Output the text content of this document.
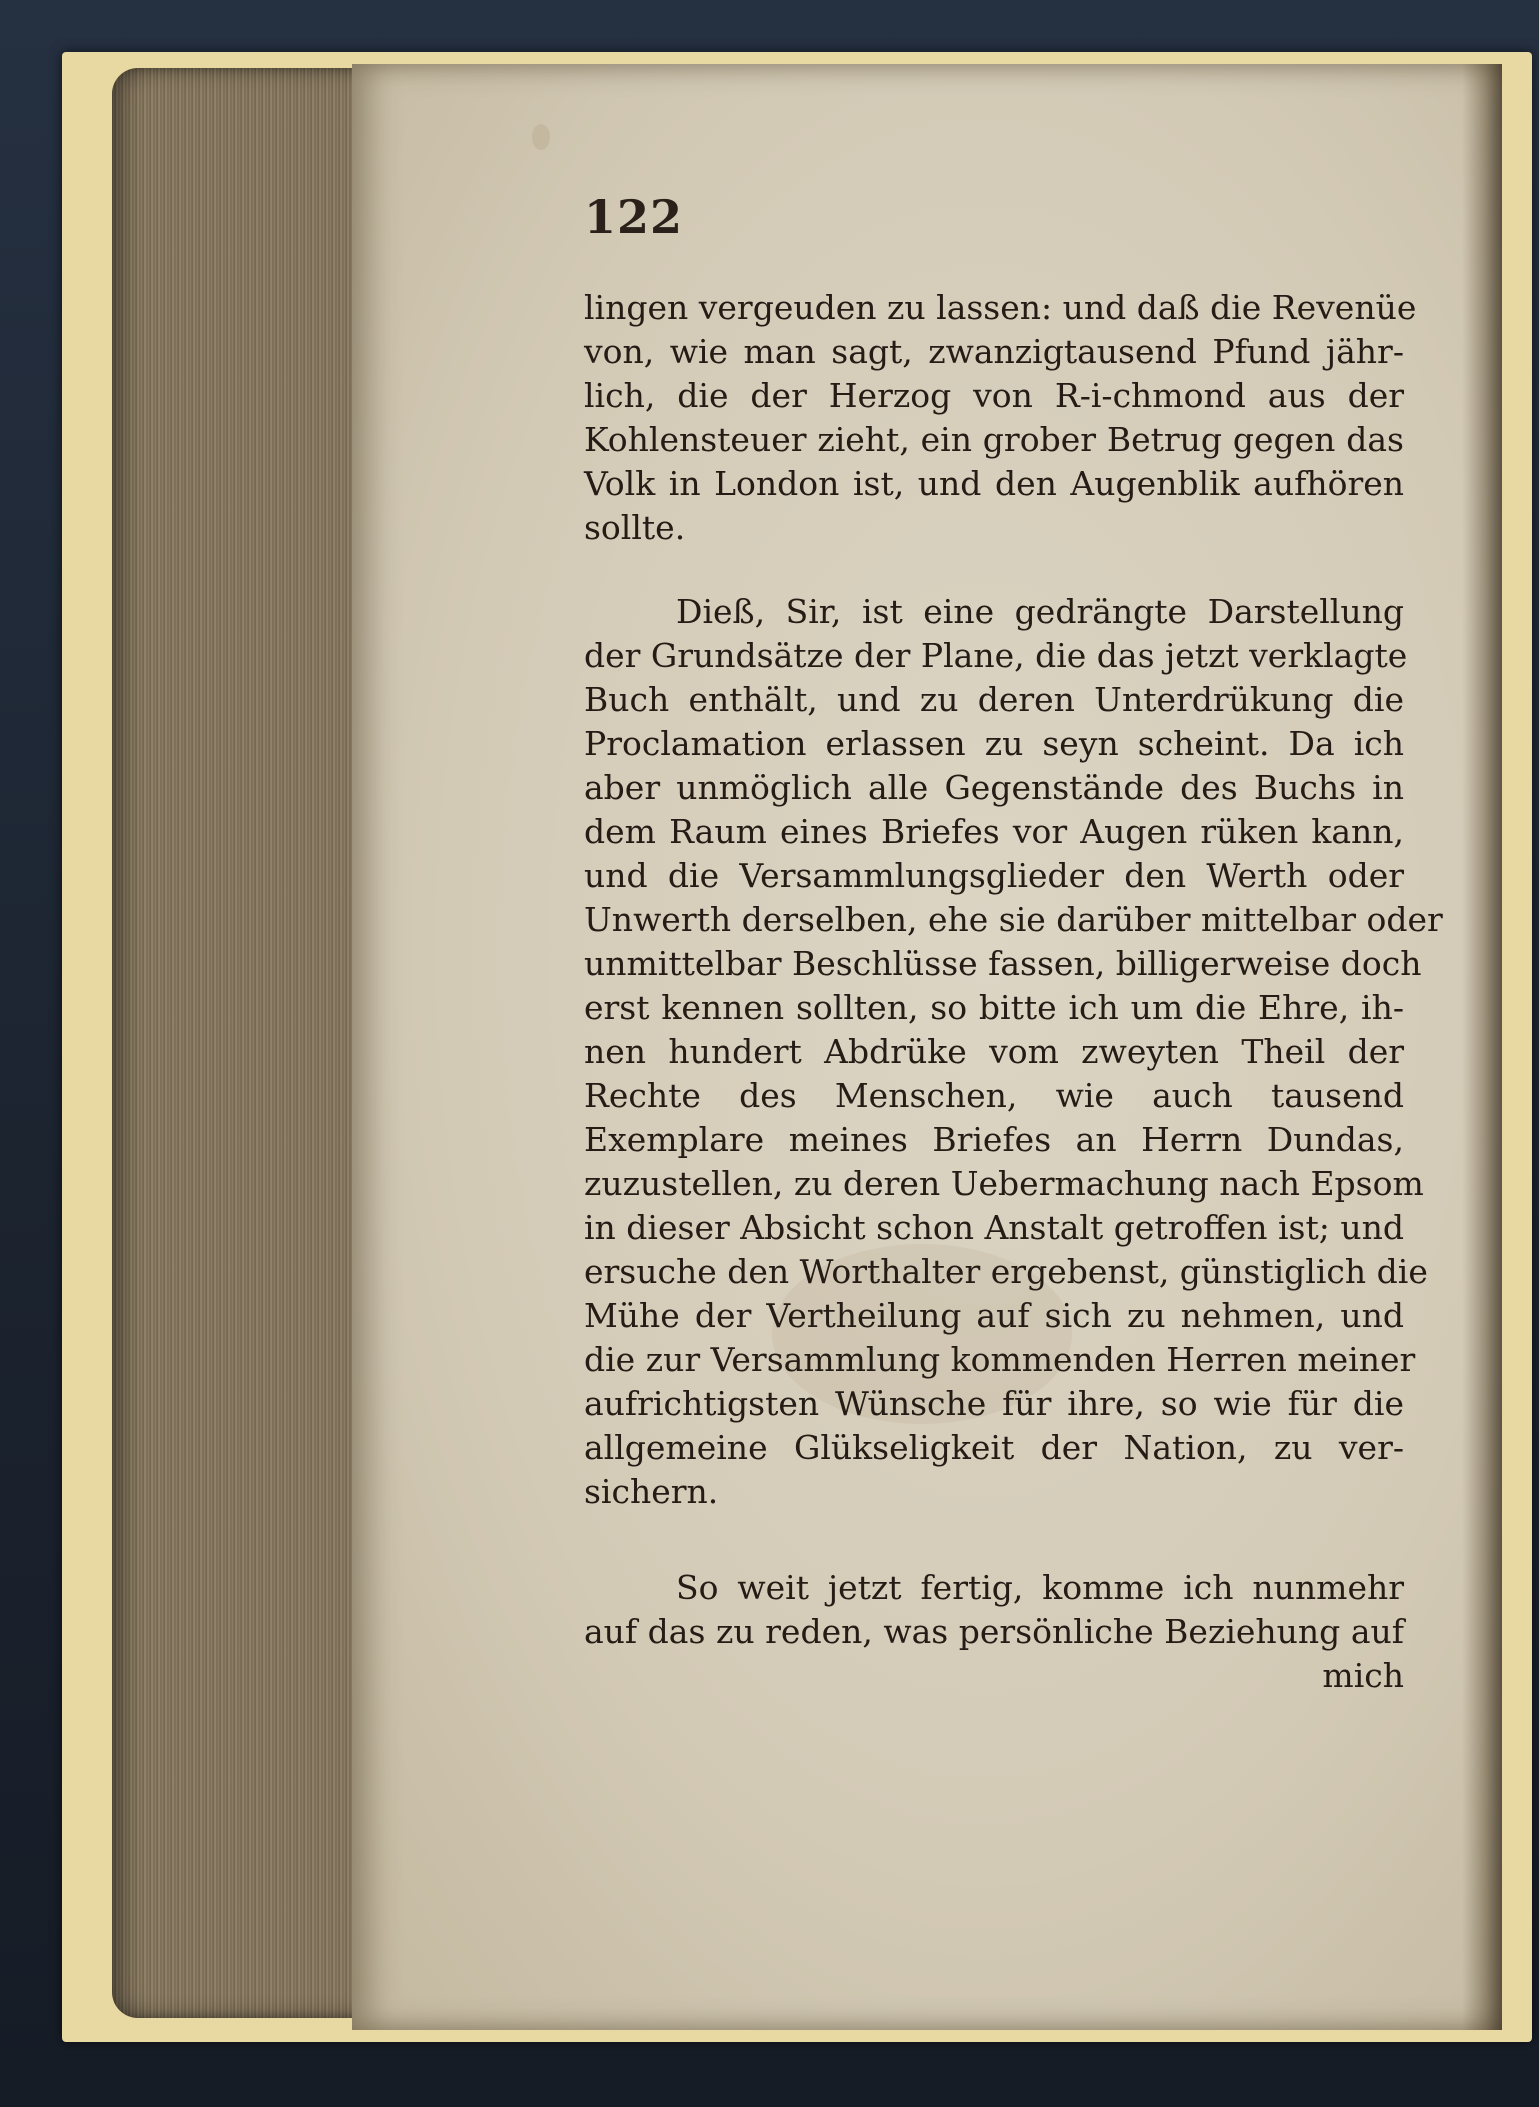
122
lingen vergeuden zu lassen: und daß die Revenüe
von, wie man sagt, zwanzigtausend Pfund jähr-
lich, die der Herzog von R-i-chmond aus der
Kohlensteuer zieht, ein grober Betrug gegen das
Volk in London ist, und den Augenblik aufhören
sollte.
Dieß, Sir, ist eine gedrängte Darstellung
der Grundsätze der Plane, die das jetzt verklagte
Buch enthält, und zu deren Unterdrükung die
Proclamation erlassen zu seyn scheint. Da ich
aber unmöglich alle Gegenstände des Buchs in
dem Raum eines Briefes vor Augen rüken kann,
und die Versammlungsglieder den Werth oder
Unwerth derselben, ehe sie darüber mittelbar oder
unmittelbar Beschlüsse fassen, billigerweise doch
erst kennen sollten, so bitte ich um die Ehre, ih-
nen hundert Abdrüke vom zweyten Theil der
Rechte des Menschen, wie auch tausend
Exemplare meines Briefes an Herrn Dundas,
zuzustellen, zu deren Uebermachung nach Epsom
in dieser Absicht schon Anstalt getroffen ist; und
ersuche den Worthalter ergebenst, günstiglich die
Mühe der Vertheilung auf sich zu nehmen, und
die zur Versammlung kommenden Herren meiner
aufrichtigsten Wünsche für ihre, so wie für die
allgemeine Glükseligkeit der Nation, zu ver-
sichern.
So weit jetzt fertig, komme ich nunmehr
auf das zu reden, was persönliche Beziehung auf
mich
